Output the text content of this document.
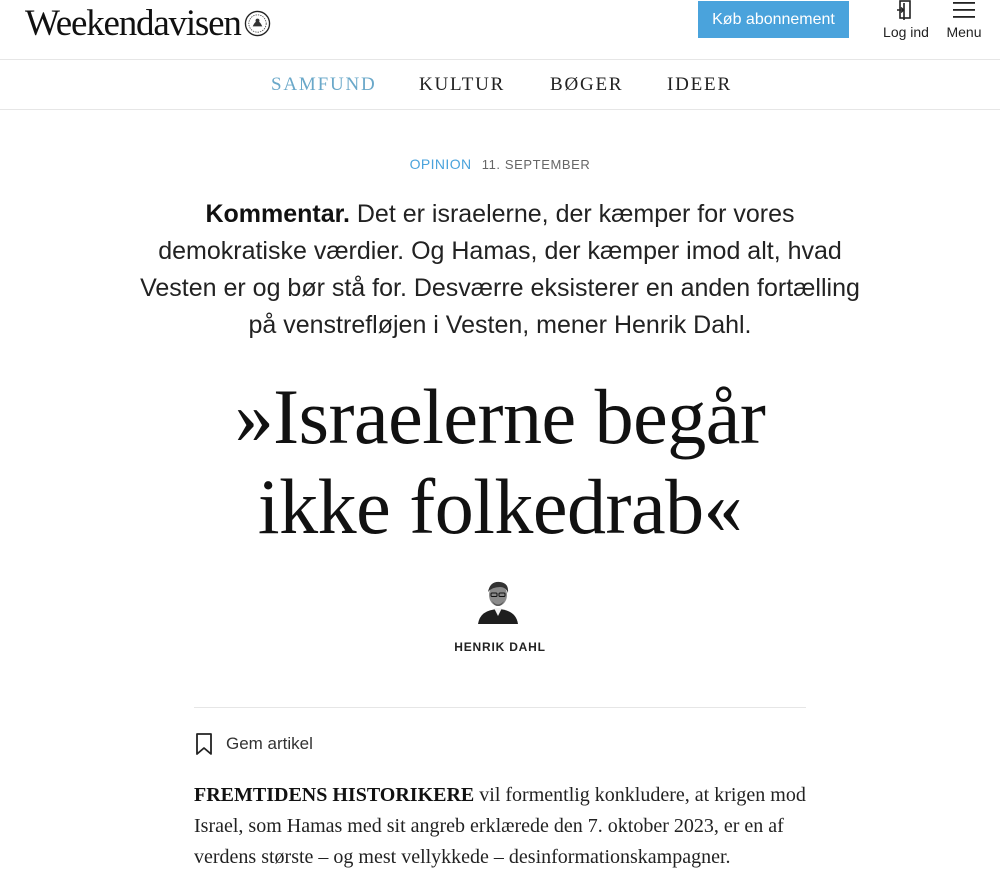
Weekendavisen	Køb abonnement
Log ind Menu
SAMFUND KULTUR BØGER IDEER
OPINION 11. SEPTEMBER
Kommentar. Det er israelerne, der kæmper for vores
demokratiske værdier. Og Hamas, der kæmper imod alt, hvad
Vesten er og bør stå for. Desværre eksisterer en anden fortælling
på venstrefløjen i Vesten, mener Henrik Dahl.
»Israelerne begår
ikke folkedrab«
HENRIK DAHL
Gem artikel
FREMTIDENS HISTORIKERE vil formentlig konkludere, at krigen mod
Israel, som Hamas med sit angreb erklærede den 7. oktober 2023, er en af
verdens største – og mest vellykkede – desinformationskampagner.
